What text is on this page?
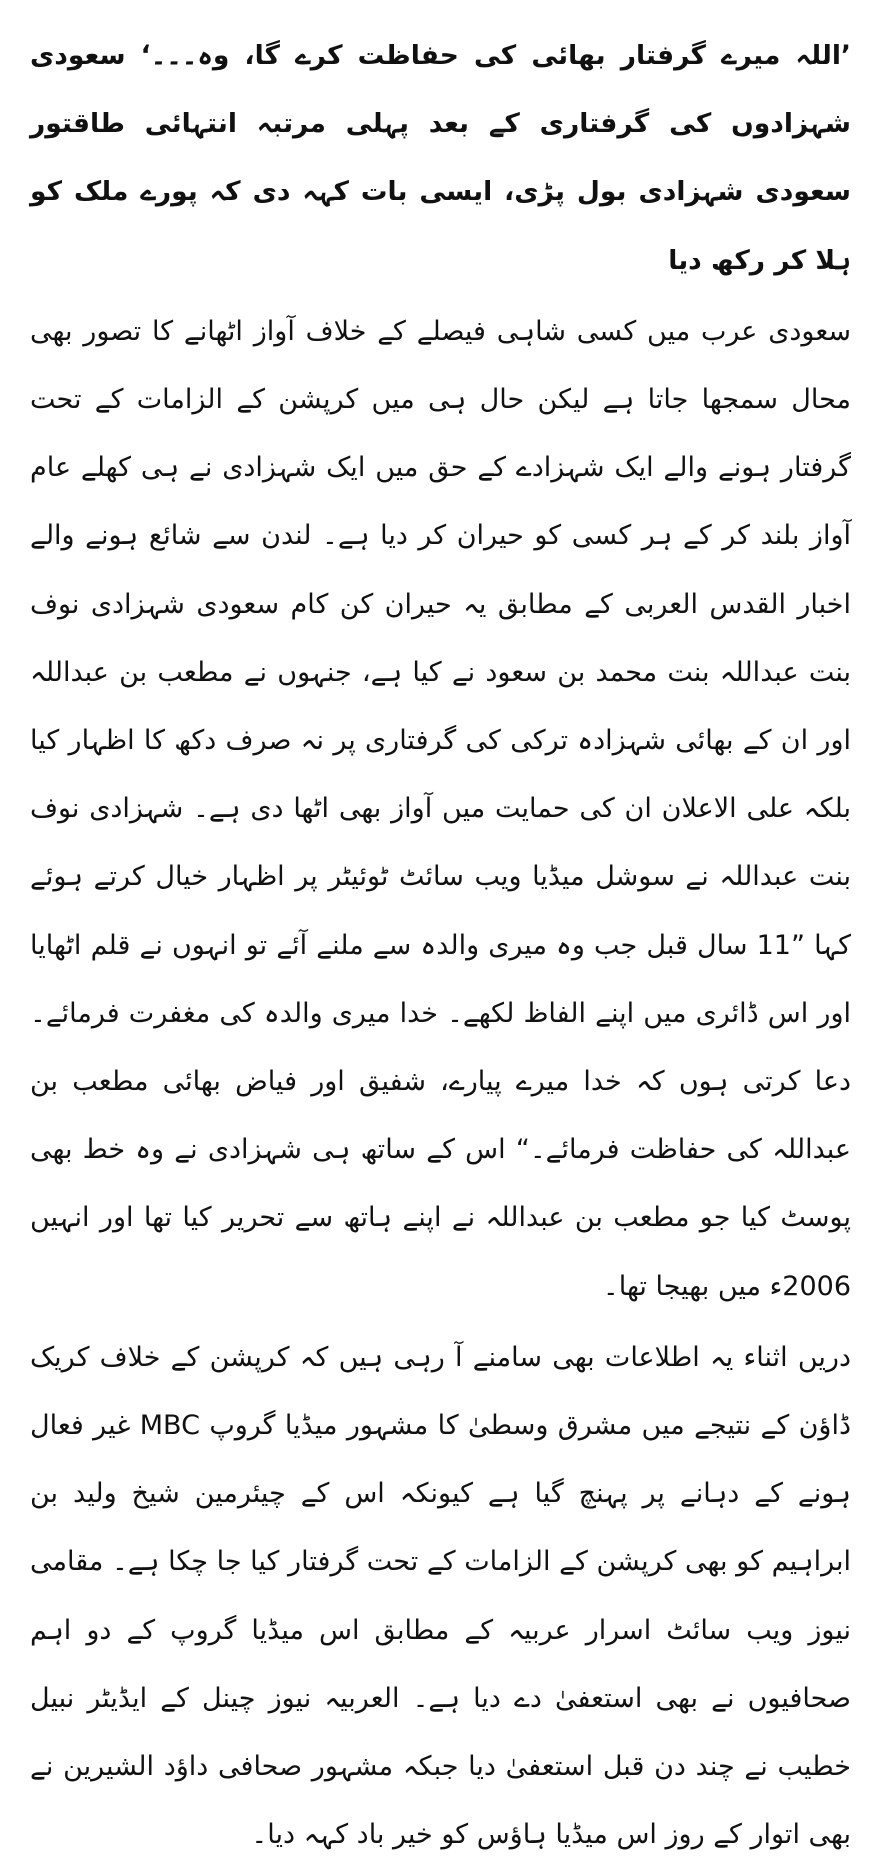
’اللہ میرے گرفتار بھائی کی حفاظت کرے گا، وہ۔۔۔‘ سعودی شہزادوں کی گرفتاری کے بعد پہلی مرتبہ انتہائی طاقتور سعودی شہزادی بول پڑی، ایسی بات کہہ دی کہ پورے ملک کو ہلا کر رکھ دیا

سعودی عرب میں کسی شاہی فیصلے کے خلاف آواز اٹھانے کا تصور بھی محال سمجھا جاتا ہے لیکن حال ہی میں کرپشن کے الزامات کے تحت گرفتار ہونے والے ایک شہزادے کے حق میں ایک شہزادی نے ہی کھلے عام آواز بلند کر کے ہر کسی کو حیران کر دیا ہے۔ لندن سے شائع ہونے والے اخبار القدس العربی کے مطابق یہ حیران کن کام سعودی شہزادی نوف بنت عبداللہ بنت محمد بن سعود نے کیا ہے، جنہوں نے مطعب بن عبداللہ اور ان کے بھائی شہزادہ ترکی کی گرفتاری پر نہ صرف دکھ کا اظہار کیا بلکہ علی الاعلان ان کی حمایت میں آواز بھی اٹھا دی ہے۔ شہزادی نوف بنت عبداللہ نے سوشل میڈیا ویب سائٹ ٹوئیٹر پر اظہار خیال کرتے ہوئے کہا ”11 سال قبل جب وہ میری والدہ سے ملنے آئے تو انہوں نے قلم اٹھایا اور اس ڈائری میں اپنے الفاظ لکھے۔ خدا میری والدہ کی مغفرت فرمائے۔ دعا کرتی ہوں کہ خدا میرے پیارے، شفیق اور فیاض بھائی مطعب بن عبداللہ کی حفاظت فرمائے۔“ اس کے ساتھ ہی شہزادی نے وہ خط بھی پوسٹ کیا جو مطعب بن عبداللہ نے اپنے ہاتھ سے تحریر کیا تھا اور انہیں 2006ء میں بھیجا تھا۔

دریں اثناء یہ اطلاعات بھی سامنے آ رہی ہیں کہ کرپشن کے خلاف کریک ڈاؤن کے نتیجے میں مشرق وسطیٰ کا مشہور میڈیا گروپ MBC غیر فعال ہونے کے دہانے پر پہنچ گیا ہے کیونکہ اس کے چیئرمین شیخ ولید بن ابراہیم کو بھی کرپشن کے الزامات کے تحت گرفتار کیا جا چکا ہے۔ مقامی نیوز ویب سائٹ اسرار عربیہ کے مطابق اس میڈیا گروپ کے دو اہم صحافیوں نے بھی استعفیٰ دے دیا ہے۔ العربیہ نیوز چینل کے ایڈیٹر نبیل خطیب نے چند دن قبل استعفیٰ دیا جبکہ مشہور صحافی داؤد الشیرین نے بھی اتوار کے روز اس میڈیا ہاؤس کو خیر باد کہہ دیا۔
